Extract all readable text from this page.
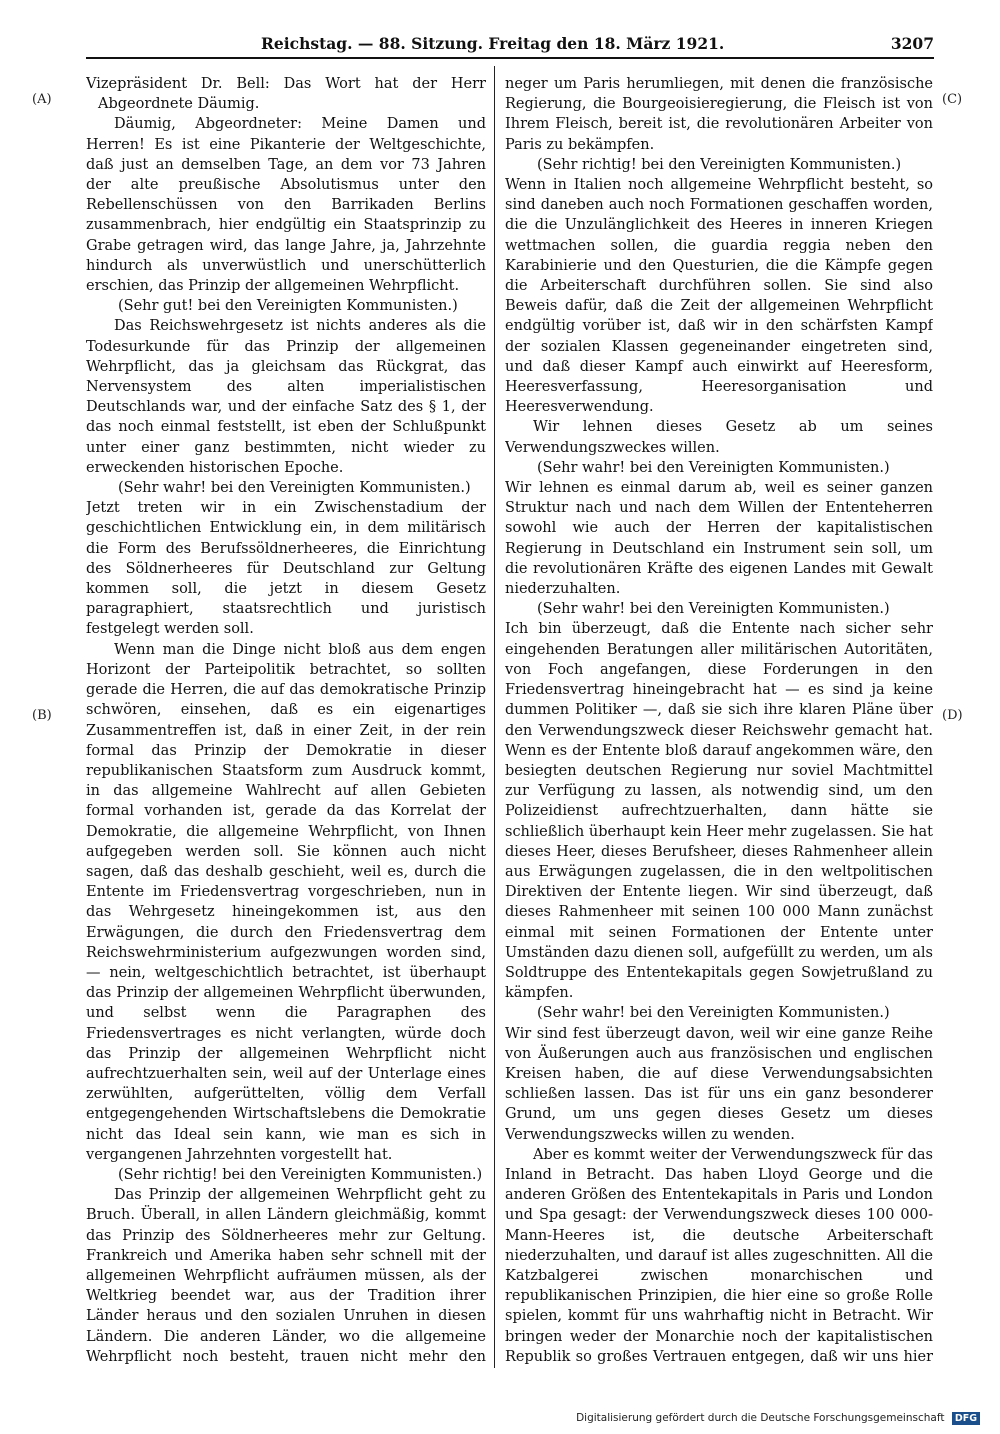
Reichstag. — 88. Sitzung. Freitag den 18. März 1921.	3207
(A)
(B)
(C)
(D)

Vizepräsident Dr. Bell: Das Wort hat der Herr Abgeordnete Däumig.

Däumig, Abgeordneter: Meine Damen und Herren! Es ist eine Pikanterie der Weltgeschichte, daß just an demselben Tage, an dem vor 73 Jahren der alte preußische Absolutismus unter den Rebellenschüssen von den Barrikaden Berlins zusammenbrach, hier endgültig ein Staatsprinzip zu Grabe getragen wird, das lange Jahre, ja, Jahrzehnte hindurch als unverwüstlich und unerschütterlich erschien, das Prinzip der allgemeinen Wehrpflicht.

(Sehr gut! bei den Vereinigten Kommunisten.)

Das Reichswehrgesetz ist nichts anderes als die Todesurkunde für das Prinzip der allgemeinen Wehrpflicht, das ja gleichsam das Rückgrat, das Nervensystem des alten imperialistischen Deutschlands war, und der einfache Satz des § 1, der das noch einmal feststellt, ist eben der Schlußpunkt unter einer ganz bestimmten, nicht wieder zu erweckenden historischen Epoche.

(Sehr wahr! bei den Vereinigten Kommunisten.)

Jetzt treten wir in ein Zwischenstadium der geschichtlichen Entwicklung ein, in dem militärisch die Form des Berufssöldnerheeres, die Einrichtung des Söldnerheeres für Deutschland zur Geltung kommen soll, die jetzt in diesem Gesetz paragraphiert, staatsrechtlich und juristisch festgelegt werden soll.

Wenn man die Dinge nicht bloß aus dem engen Horizont der Parteipolitik betrachtet, so sollten gerade die Herren, die auf das demokratische Prinzip schwören, einsehen, daß es ein eigenartiges Zusammentreffen ist, daß in einer Zeit, in der rein formal das Prinzip der Demokratie in dieser republikanischen Staatsform zum Ausdruck kommt, in das allgemeine Wahlrecht auf allen Gebieten formal vorhanden ist, gerade da das Korrelat der Demokratie, die allgemeine Wehrpflicht, von Ihnen aufgegeben werden soll. Sie können auch nicht sagen, daß das deshalb geschieht, weil es, durch die Entente im Friedensvertrag vorgeschrieben, nun in das Wehrgesetz hineingekommen ist, aus den Erwägungen, die durch den Friedensvertrag dem Reichswehrministerium aufgezwungen worden sind, — nein, weltgeschichtlich betrachtet, ist überhaupt das Prinzip der allgemeinen Wehrpflicht überwunden, und selbst wenn die Paragraphen des Friedensvertrages es nicht verlangten, würde doch das Prinzip der allgemeinen Wehrpflicht nicht aufrechtzuerhalten sein, weil auf der Unterlage eines zerwühlten, aufgerüttelten, völlig dem Verfall entgegengehenden Wirtschaftslebens die Demokratie nicht das Ideal sein kann, wie man es sich in vergangenen Jahrzehnten vorgestellt hat.

(Sehr richtig! bei den Vereinigten Kommunisten.)

Das Prinzip der allgemeinen Wehrpflicht geht zu Bruch. Überall, in allen Ländern gleichmäßig, kommt das Prinzip des Söldnerheeres mehr zur Geltung. Frankreich und Amerika haben sehr schnell mit der allgemeinen Wehrpflicht aufräumen müssen, als der Weltkrieg beendet war, aus der Tradition ihrer Länder heraus und den sozialen Unruhen in diesen Ländern. Die anderen Länder, wo die allgemeine Wehrpflicht noch besteht, trauen nicht mehr den

neger um Paris herumliegen, mit denen die französische Regierung, die Bourgeoisieregierung, die Fleisch ist von Ihrem Fleisch, bereit ist, die revolutionären Arbeiter von Paris zu bekämpfen.

(Sehr richtig! bei den Vereinigten Kommunisten.)

Wenn in Italien noch allgemeine Wehrpflicht besteht, so sind daneben auch noch Formationen geschaffen worden, die die Unzulänglichkeit des Heeres in inneren Kriegen wettmachen sollen, die guardia reggia neben den Karabinierie und den Questurien, die die Kämpfe gegen die Arbeiterschaft durchführen sollen. Sie sind also Beweis dafür, daß die Zeit der allgemeinen Wehrpflicht endgültig vorüber ist, daß wir in den schärfsten Kampf der sozialen Klassen gegeneinander eingetreten sind, und daß dieser Kampf auch einwirkt auf Heeresform, Heeresverfassung, Heeresorganisation und Heeresverwendung.

Wir lehnen dieses Gesetz ab um seines Verwendungszweckes willen.

(Sehr wahr! bei den Vereinigten Kommunisten.)

Wir lehnen es einmal darum ab, weil es seiner ganzen Struktur nach und nach dem Willen der Ententeherren sowohl wie auch der Herren der kapitalistischen Regierung in Deutschland ein Instrument sein soll, um die revolutionären Kräfte des eigenen Landes mit Gewalt niederzuhalten.

(Sehr wahr! bei den Vereinigten Kommunisten.)

Ich bin überzeugt, daß die Entente nach sicher sehr eingehenden Beratungen aller militärischen Autoritäten, von Foch angefangen, diese Forderungen in den Friedensvertrag hineingebracht hat — es sind ja keine dummen Politiker —, daß sie sich ihre klaren Pläne über den Verwendungszweck dieser Reichswehr gemacht hat. Wenn es der Entente bloß darauf angekommen wäre, den besiegten deutschen Regierung nur soviel Machtmittel zur Verfügung zu lassen, als notwendig sind, um den Polizeidienst aufrechtzuerhalten, dann hätte sie schließlich überhaupt kein Heer mehr zugelassen. Sie hat dieses Heer, dieses Berufsheer, dieses Rahmenheer allein aus Erwägungen zugelassen, die in den weltpolitischen Direktiven der Entente liegen. Wir sind überzeugt, daß dieses Rahmenheer mit seinen 100 000 Mann zunächst einmal mit seinen Formationen der Entente unter Umständen dazu dienen soll, aufgefüllt zu werden, um als Soldtruppe des Ententekapitals gegen Sowjetrußland zu kämpfen.

(Sehr wahr! bei den Vereinigten Kommunisten.)

Wir sind fest überzeugt davon, weil wir eine ganze Reihe von Äußerungen auch aus französischen und englischen Kreisen haben, die auf diese Verwendungsabsichten schließen lassen. Das ist für uns ein ganz besonderer Grund, um uns gegen dieses Gesetz um dieses Verwendungszwecks willen zu wenden.

Aber es kommt weiter der Verwendungszweck für das Inland in Betracht. Das haben Lloyd George und die anderen Größen des Ententekapitals in Paris und London und Spa gesagt: der Verwendungszweck dieses 100 000-Mann-Heeres ist, die deutsche Arbeiterschaft niederzuhalten, und darauf ist alles zugeschnitten. All die Katzbalgerei zwischen monarchischen und republikanischen Prinzipien, die hier eine so große Rolle spielen, kommt für uns wahrhaftig nicht in Betracht. Wir bringen weder der Monarchie noch der kapitalistischen Republik so großes Vertrauen entgegen, daß wir uns hier

Digitalisierung gefördert durch die Deutsche Forschungsgemeinschaft DFG
